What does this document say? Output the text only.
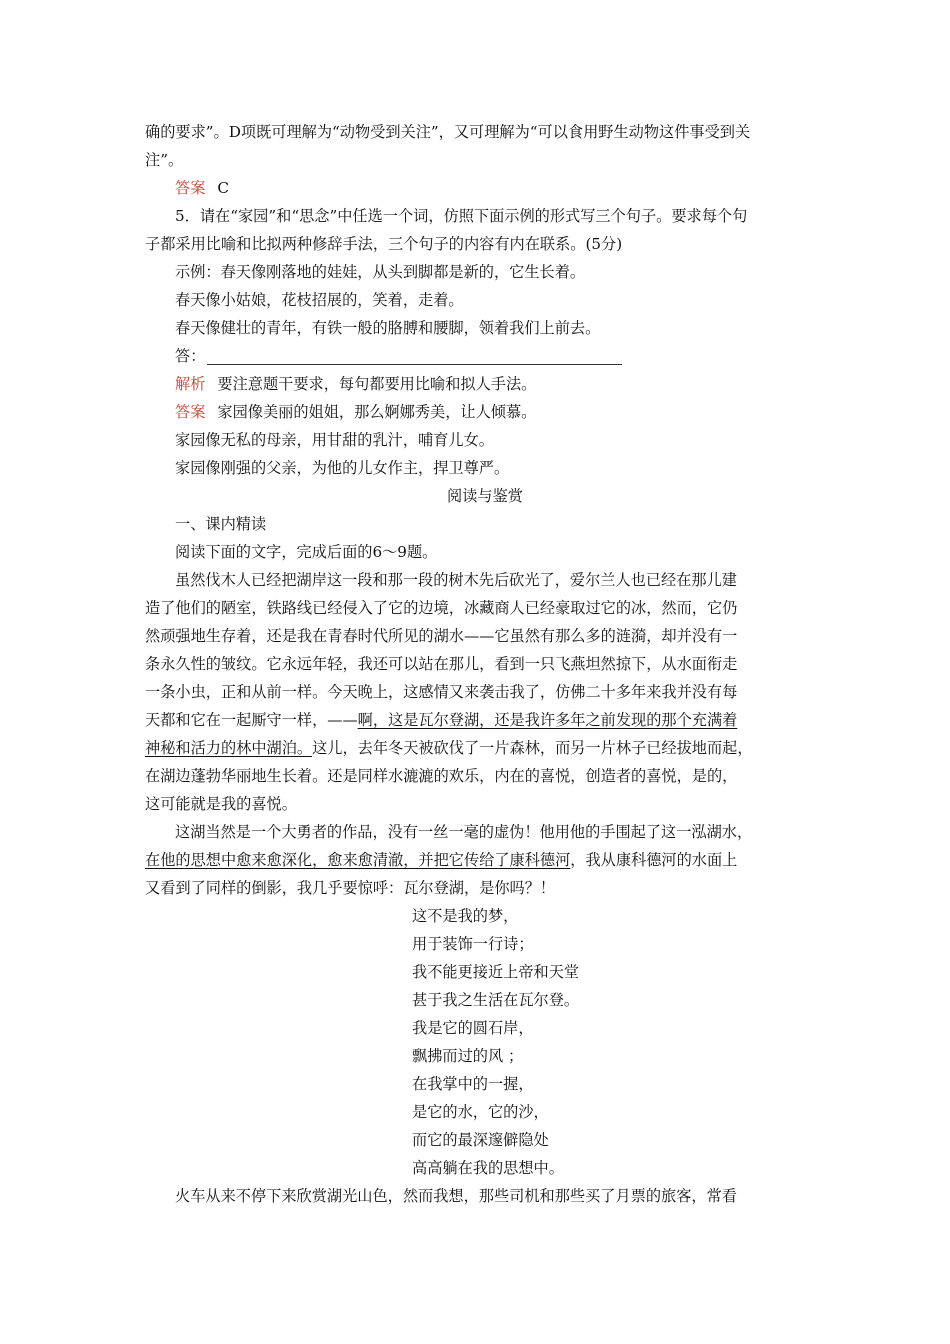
确的要求”。D项既可理解为“动物受到关注”，又可理解为“可以食用野生动物这件事受到关
注”。
答案 C
5．请在“家园”和“思念”中任选一个词，仿照下面示例的形式写三个句子。要求每个句
子都采用比喻和比拟两种修辞手法，三个句子的内容有内在联系。(5分)
示例：春天像刚落地的娃娃，从头到脚都是新的，它生长着。
春天像小姑娘，花枝招展的，笑着，走着。
春天像健壮的青年，有铁一般的胳膊和腰脚，领着我们上前去。
答：
解析 要注意题干要求，每句都要用比喻和拟人手法。
答案 家园像美丽的姐姐，那么婀娜秀美，让人倾慕。
家园像无私的母亲，用甘甜的乳汁，哺育儿女。
家园像刚强的父亲，为他的儿女作主，捍卫尊严。
阅读与鉴赏
一、课内精读
阅读下面的文字，完成后面的6～9题。
虽然伐木人已经把湖岸这一段和那一段的树木先后砍光了，爱尔兰人也已经在那儿建
造了他们的陋室，铁路线已经侵入了它的边境，冰藏商人已经豪取过它的冰，然而，它仍
然顽强地生存着，还是我在青春时代所见的湖水——它虽然有那么多的涟漪，却并没有一
条永久性的皱纹。它永远年轻，我还可以站在那儿，看到一只飞燕坦然掠下，从水面衔走
一条小虫，正和从前一样。今天晚上，这感情又来袭击我了，仿佛二十多年来我并没有每
天都和它在一起厮守一样，——啊，这是瓦尔登湖，还是我许多年之前发现的那个充满着
神秘和活力的林中湖泊。这儿，去年冬天被砍伐了一片森林，而另一片林子已经拔地而起，
在湖边蓬勃华丽地生长着。还是同样水漉漉的欢乐，内在的喜悦，创造者的喜悦，是的，
这可能就是我的喜悦。
这湖当然是一个大勇者的作品，没有一丝一毫的虚伪！他用他的手围起了这一泓湖水，
在他的思想中愈来愈深化，愈来愈清澈，并把它传给了康科德河，我从康科德河的水面上
又看到了同样的倒影，我几乎要惊呼：瓦尔登湖，是你吗？！
这不是我的梦，
用于装饰一行诗；
我不能更接近上帝和天堂
甚于我之生活在瓦尔登。
我是它的圆石岸，
飘拂而过的风 ；
在我掌中的一握，
是它的水，它的沙，
而它的最深邃僻隐处
高高躺在我的思想中。
火车从来不停下来欣赏湖光山色，然而我想，那些司机和那些买了月票的旅客，常看
